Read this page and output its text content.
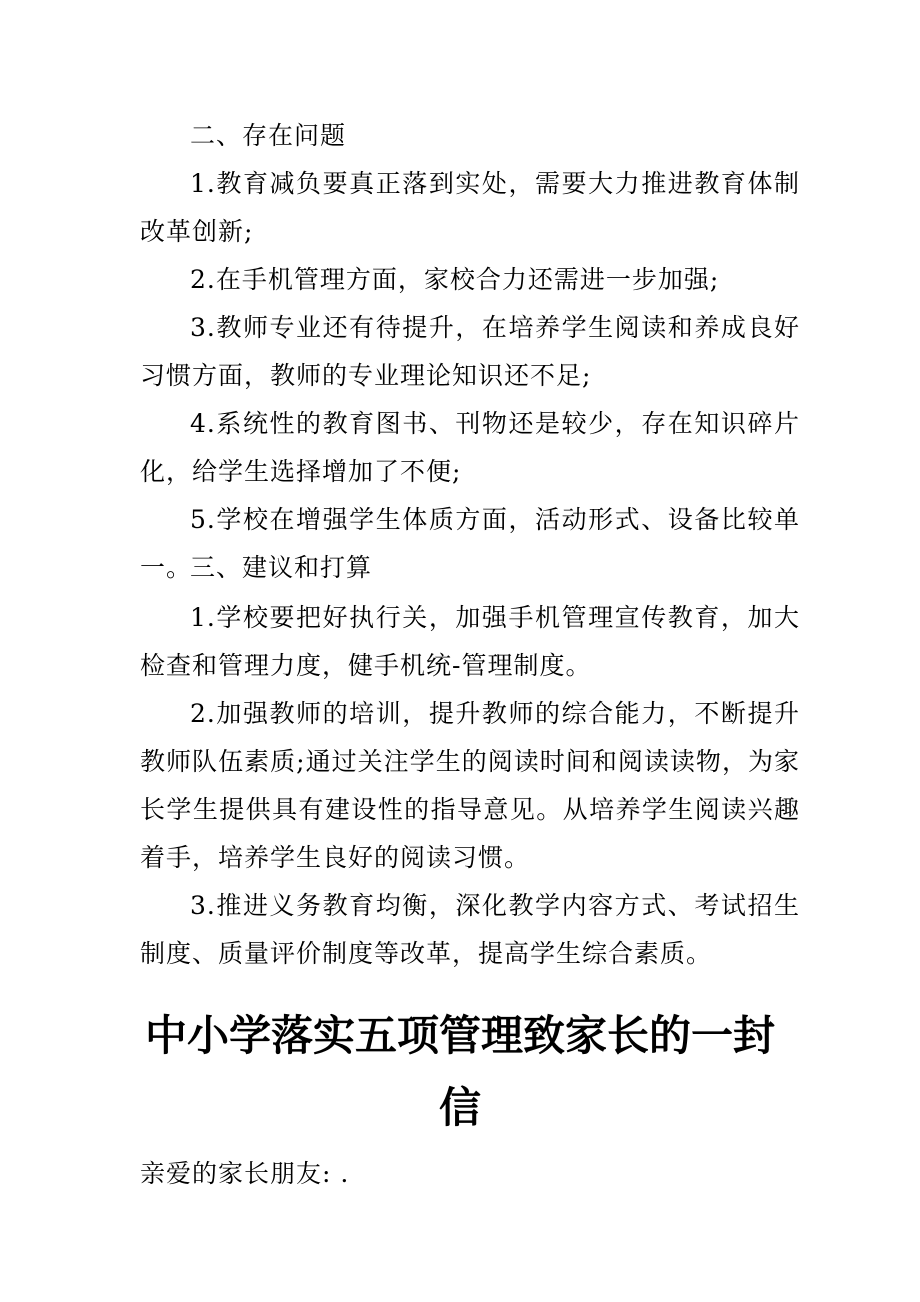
二、存在问题

1.教育减负要真正落到实处，需要大力推进教育体制改革创新;

2.在手机管理方面，家校合力还需进一步加强;

3.教师专业还有待提升，在培养学生阅读和养成良好习惯方面，教师的专业理论知识还不足;

4.系统性的教育图书、刊物还是较少，存在知识碎片化，给学生选择增加了不便;

5.学校在增强学生体质方面，活动形式、设备比较单一。

三、建议和打算

1.学校要把好执行关，加强手机管理宣传教育，加大检查和管理力度，健手机统-管理制度。

2.加强教师的培训，提升教师的综合能力，不断提升教师队伍素质;通过关注学生的阅读时间和阅读读物，为家长学生提供具有建设性的指导意见。从培养学生阅读兴趣着手，培养学生良好的阅读习惯。

3.推进义务教育均衡，深化教学内容方式、考试招生制度、质量评价制度等改革，提高学生综合素质。

中小学落实五项管理致家长的一封信

亲爱的家长朋友: .
